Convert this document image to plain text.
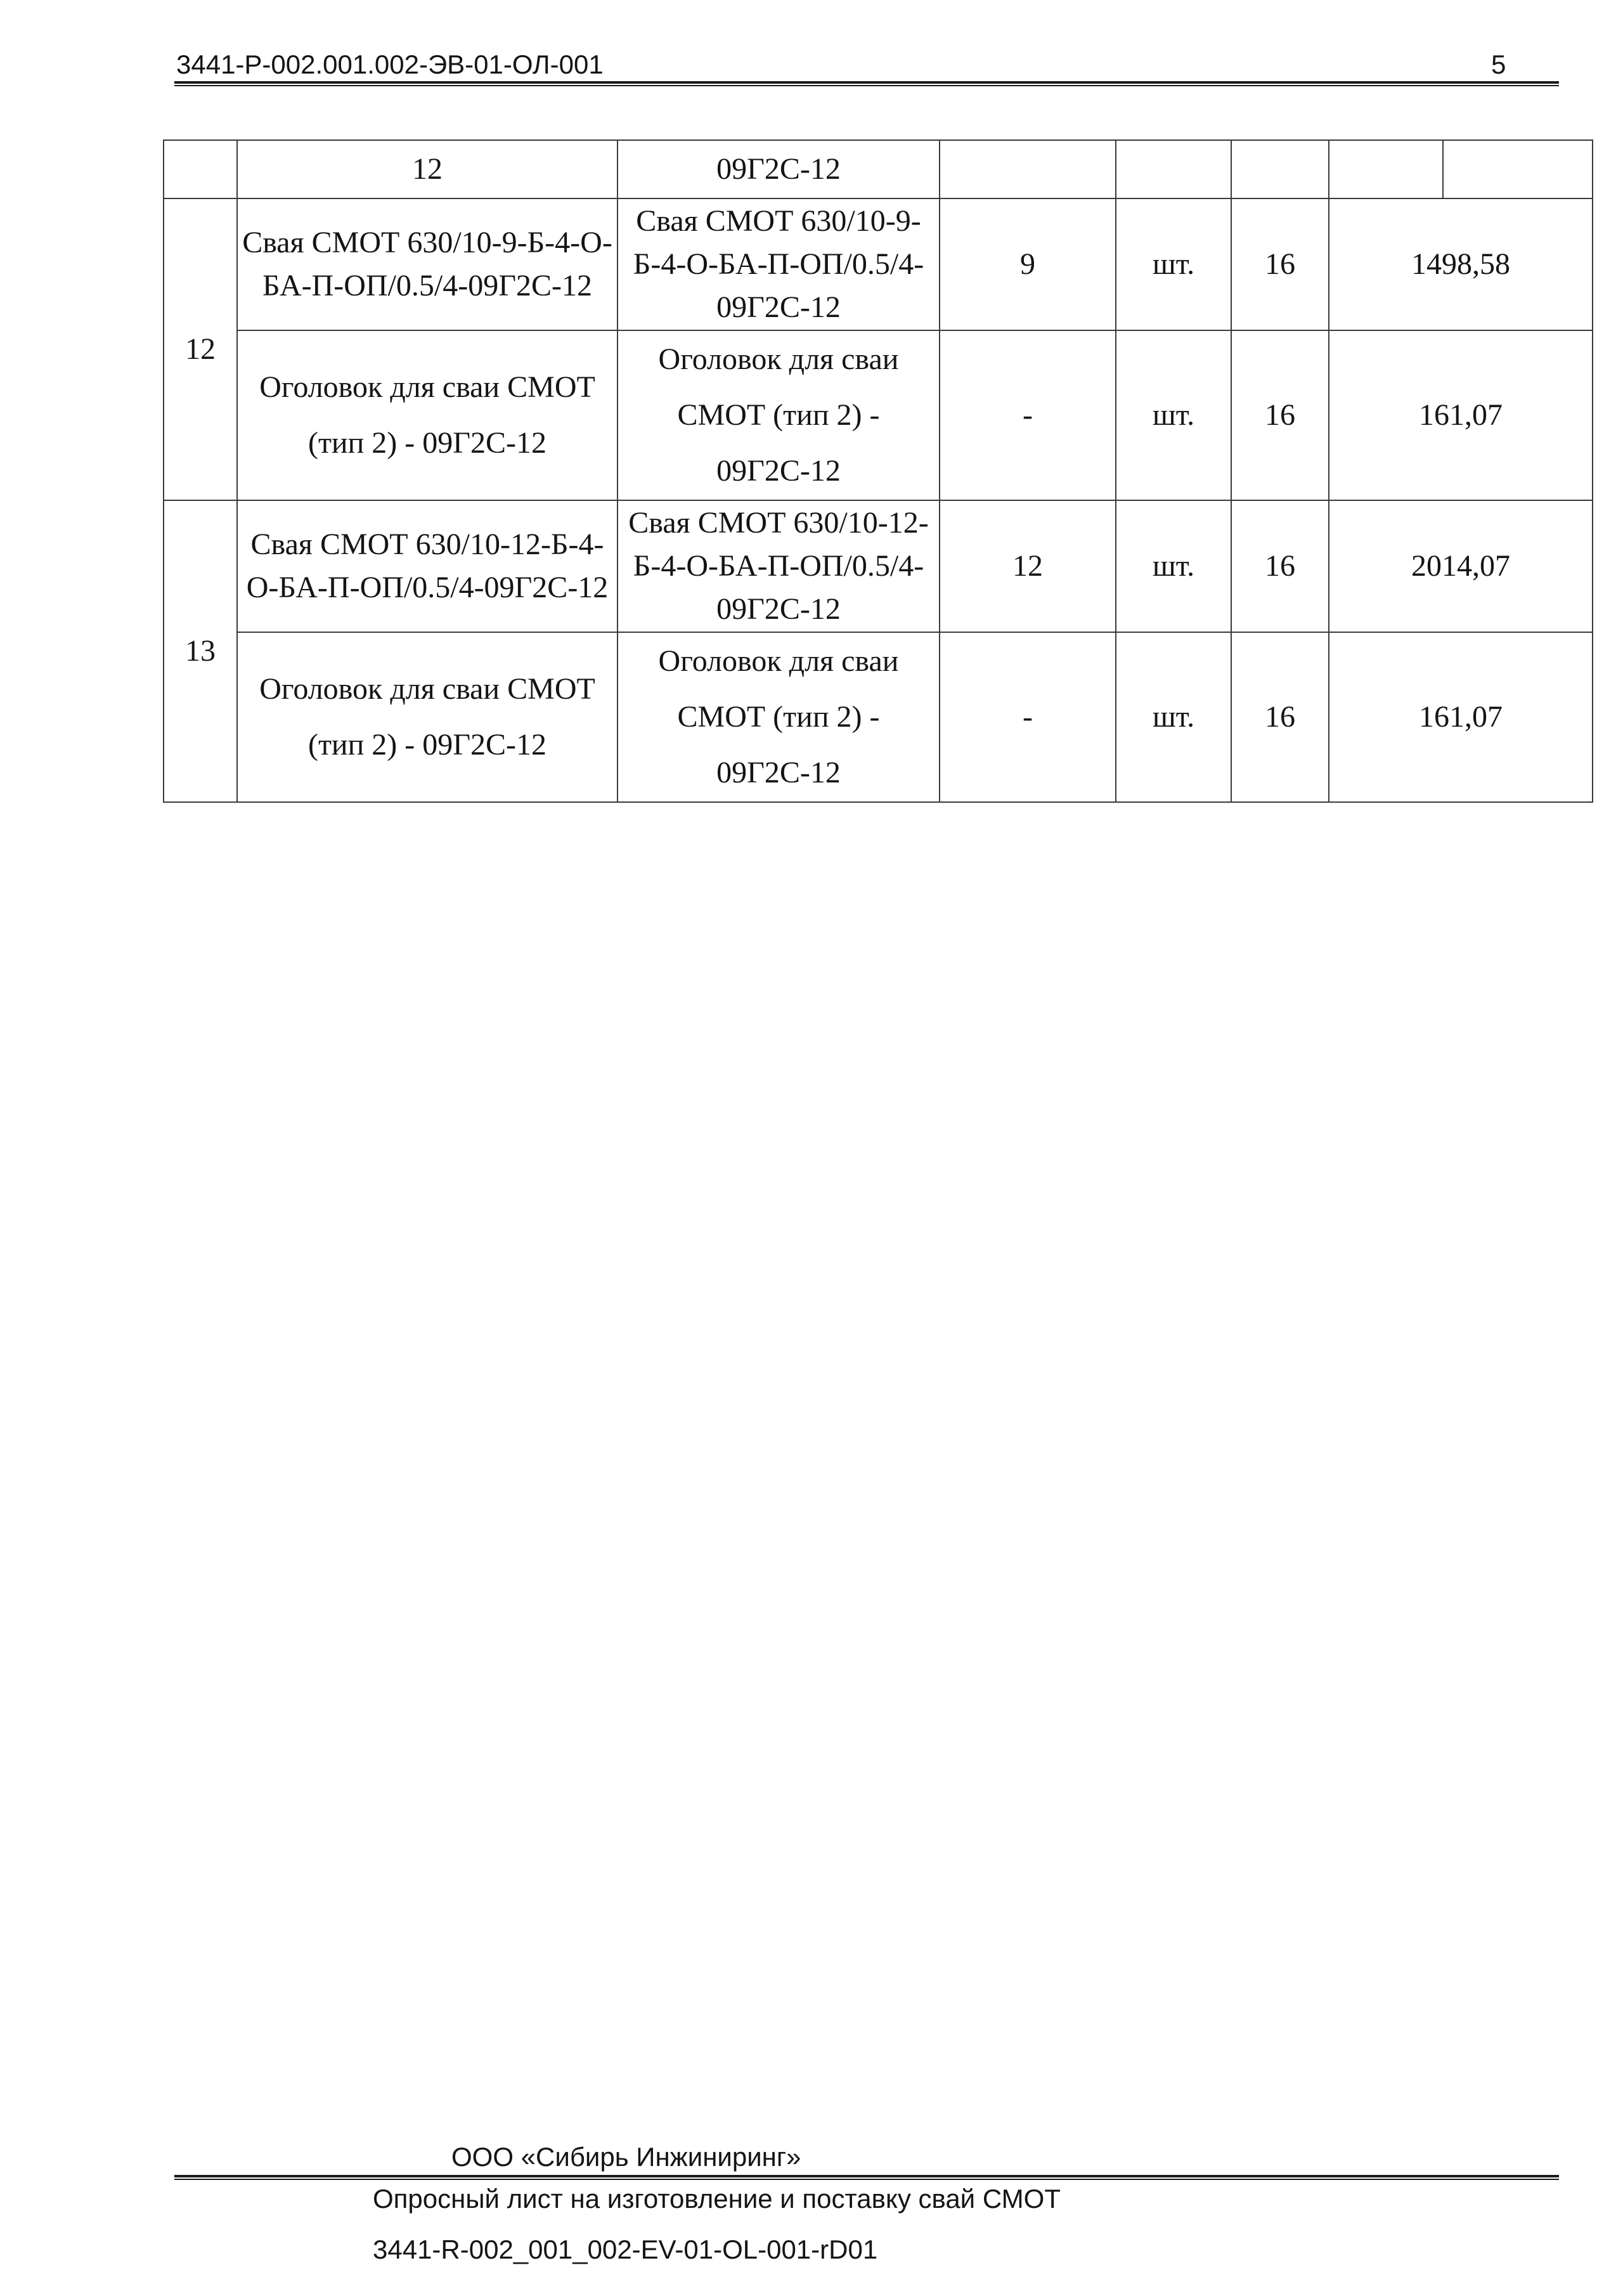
3441-Р-002.001.002-ЭВ-01-ОЛ-001	5
	12	09Г2С-12					
12	Свая СМОТ 630/10-9-Б-4-О-БА-П-ОП/0.5/4-09Г2С-12	Свая СМОТ 630/10-9-Б-4-О-БА-П-ОП/0.5/4-09Г2С-12	9	шт.	16	1498,58	
	Оголовок для сваи СМОТ (тип 2) - 09Г2С-12	Оголовок для сваи СМОТ (тип 2) - 09Г2С-12	-	шт.	16	161,07	
13	Свая СМОТ 630/10-12-Б-4-О-БА-П-ОП/0.5/4-09Г2С-12	Свая СМОТ 630/10-12-Б-4-О-БА-П-ОП/0.5/4-09Г2С-12	12	шт.	16	2014,07	
	Оголовок для сваи СМОТ (тип 2) - 09Г2С-12	Оголовок для сваи СМОТ (тип 2) - 09Г2С-12	-	шт.	16	161,07	
ООО «Сибирь Инжиниринг»
Опросный лист на изготовление и поставку свай СМОТ
3441-R-002_001_002-EV-01-OL-001-rD01
